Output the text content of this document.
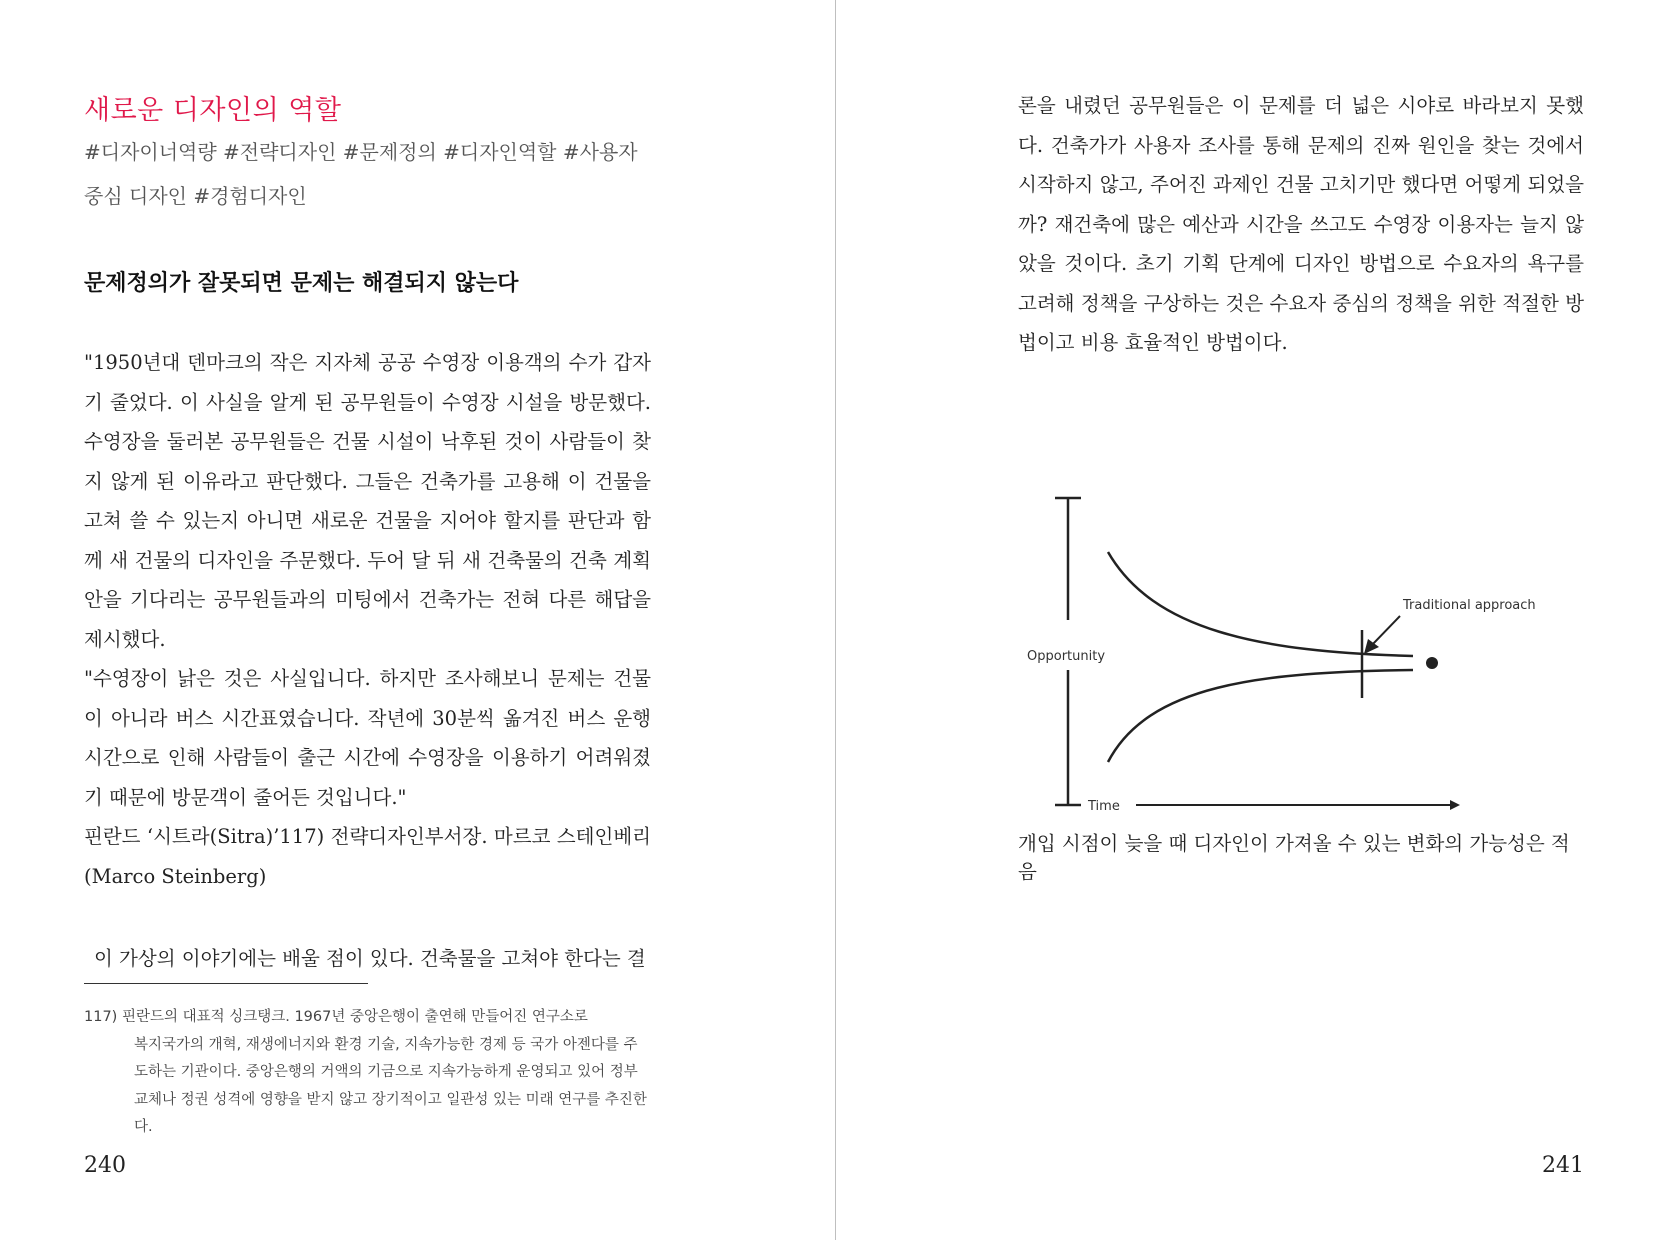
새로운 디자인의 역할
#디자이너역량 #전략디자인 #문제정의 #디자인역할 #사용자중심 디자인 #경험디자인
문제정의가 잘못되면 문제는 해결되지 않는다

"1950년대 덴마크의 작은 지자체 공공 수영장 이용객의 수가 갑자기 줄었다. 이 사실을 알게 된 공무원들이 수영장 시설을 방문했다. 수영장을 둘러본 공무원들은 건물 시설이 낙후된 것이 사람들이 찾지 않게 된 이유라고 판단했다. 그들은 건축가를 고용해 이 건물을 고쳐 쓸 수 있는지 아니면 새로운 건물을 지어야 할지를 판단과 함께 새 건물의 디자인을 주문했다. 두어 달 뒤 새 건축물의 건축 계획안을 기다리는 공무원들과의 미팅에서 건축가는 전혀 다른 해답을 제시했다.

"수영장이 낡은 것은 사실입니다. 하지만 조사해보니 문제는 건물이 아니라 버스 시간표였습니다. 작년에 30분씩 옮겨진 버스 운행 시간으로 인해 사람들이 출근 시간에 수영장을 이용하기 어려워졌기 때문에 방문객이 줄어든 것입니다."

핀란드 ‘시트라(Sitra)’117) 전략디자인부서장. 마르코 스테인베리(Marco Steinberg)

이 가상의 이야기에는 배울 점이 있다. 건축물을 고쳐야 한다는 결

117) 핀란드의 대표적 싱크탱크. 1967년 중앙은행이 출연해 만들어진 연구소로
복지국가의 개혁, 재생에너지와 환경 기술, 지속가능한 경제 등 국가 아젠다를 주도하는 기관이다. 중앙은행의 거액의 기금으로 지속가능하게 운영되고 있어 정부교체나 정권 성격에 영향을 받지 않고 장기적이고 일관성 있는 미래 연구를 추진한다.
240

론을 내렸던 공무원들은 이 문제를 더 넓은 시야로 바라보지 못했다. 건축가가 사용자 조사를 통해 문제의 진짜 원인을 찾는 것에서 시작하지 않고, 주어진 과제인 건물 고치기만 했다면 어떻게 되었을까? 재건축에 많은 예산과 시간을 쓰고도 수영장 이용자는 늘지 않았을 것이다. 초기 기획 단계에 디자인 방법으로 수요자의 욕구를 고려해 정책을 구상하는 것은 수요자 중심의 정책을 위한 적절한 방법이고 비용 효율적인 방법이다.

Opportunity
Time
Traditional approach
개입 시점이 늦을 때 디자인이 가져올 수 있는 변화의 가능성은 적음
241
